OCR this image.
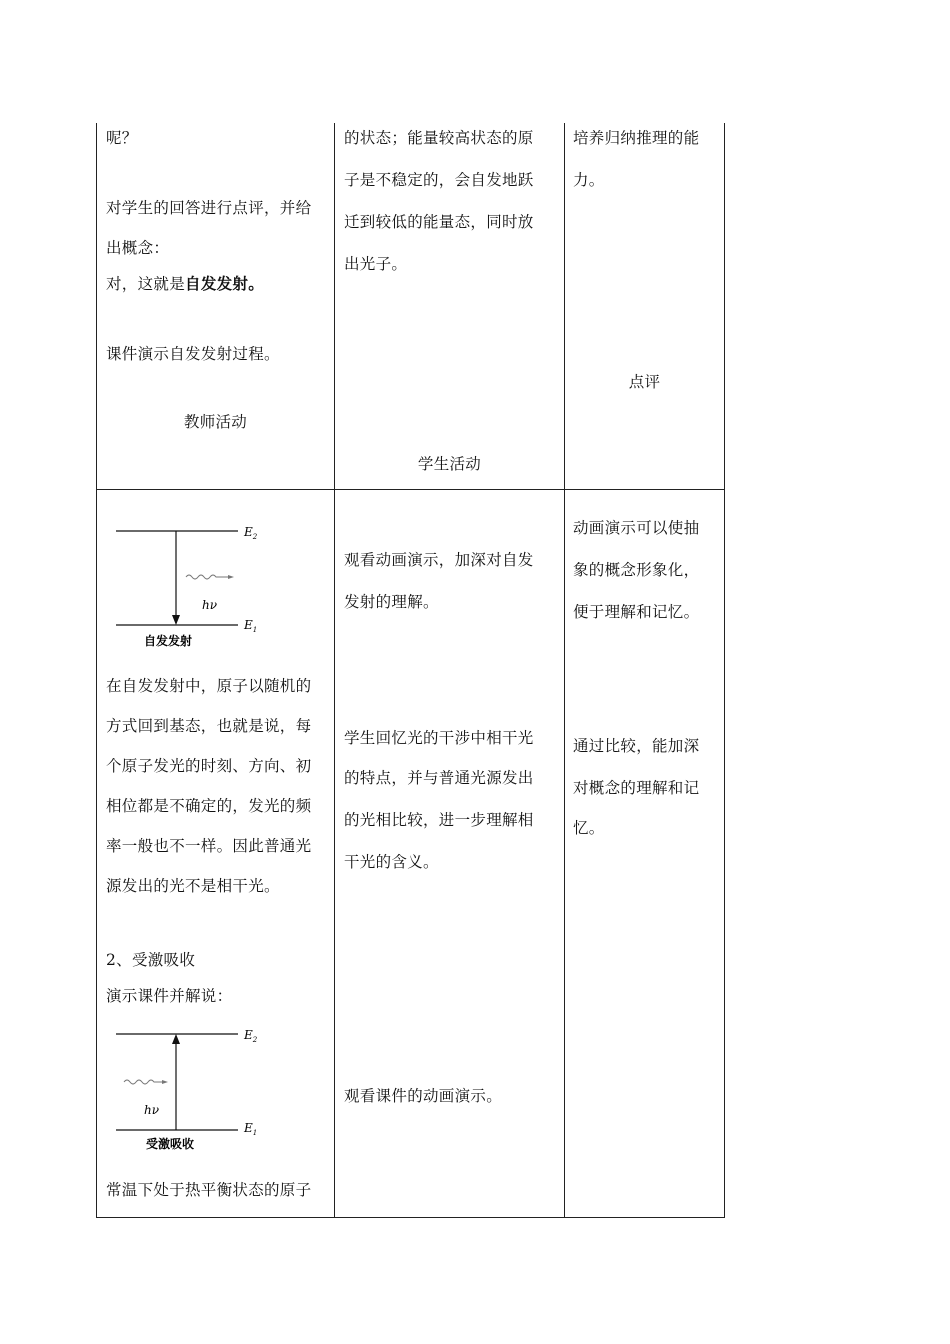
呢？
对学生的回答进行点评，并给
出概念：
对，这就是自发发射。
课件演示自发发射过程。
教师活动
的状态；能量较高状态的原
子是不稳定的，会自发地跃
迁到较低的能量态，同时放
出光子。
学生活动
培养归纳推理的能
力。
点评
$E_2$
$E_1$
hν
自发发射
在自发发射中，原子以随机的
方式回到基态，也就是说，每
个原子发光的时刻、方向、初
相位都是不确定的，发光的频
率一般也不一样。因此普通光
源发出的光不是相干光。
2、受激吸收
演示课件并解说：
$E_2$
$E_1$
hν
受激吸收
常温下处于热平衡状态的原子
观看动画演示，加深对自发
发射的理解。
学生回忆光的干涉中相干光
的特点，并与普通光源发出
的光相比较，进一步理解相
干光的含义。
观看课件的动画演示。
动画演示可以使抽
象的概念形象化，
便于理解和记忆。
通过比较，能加深
对概念的理解和记
忆。
